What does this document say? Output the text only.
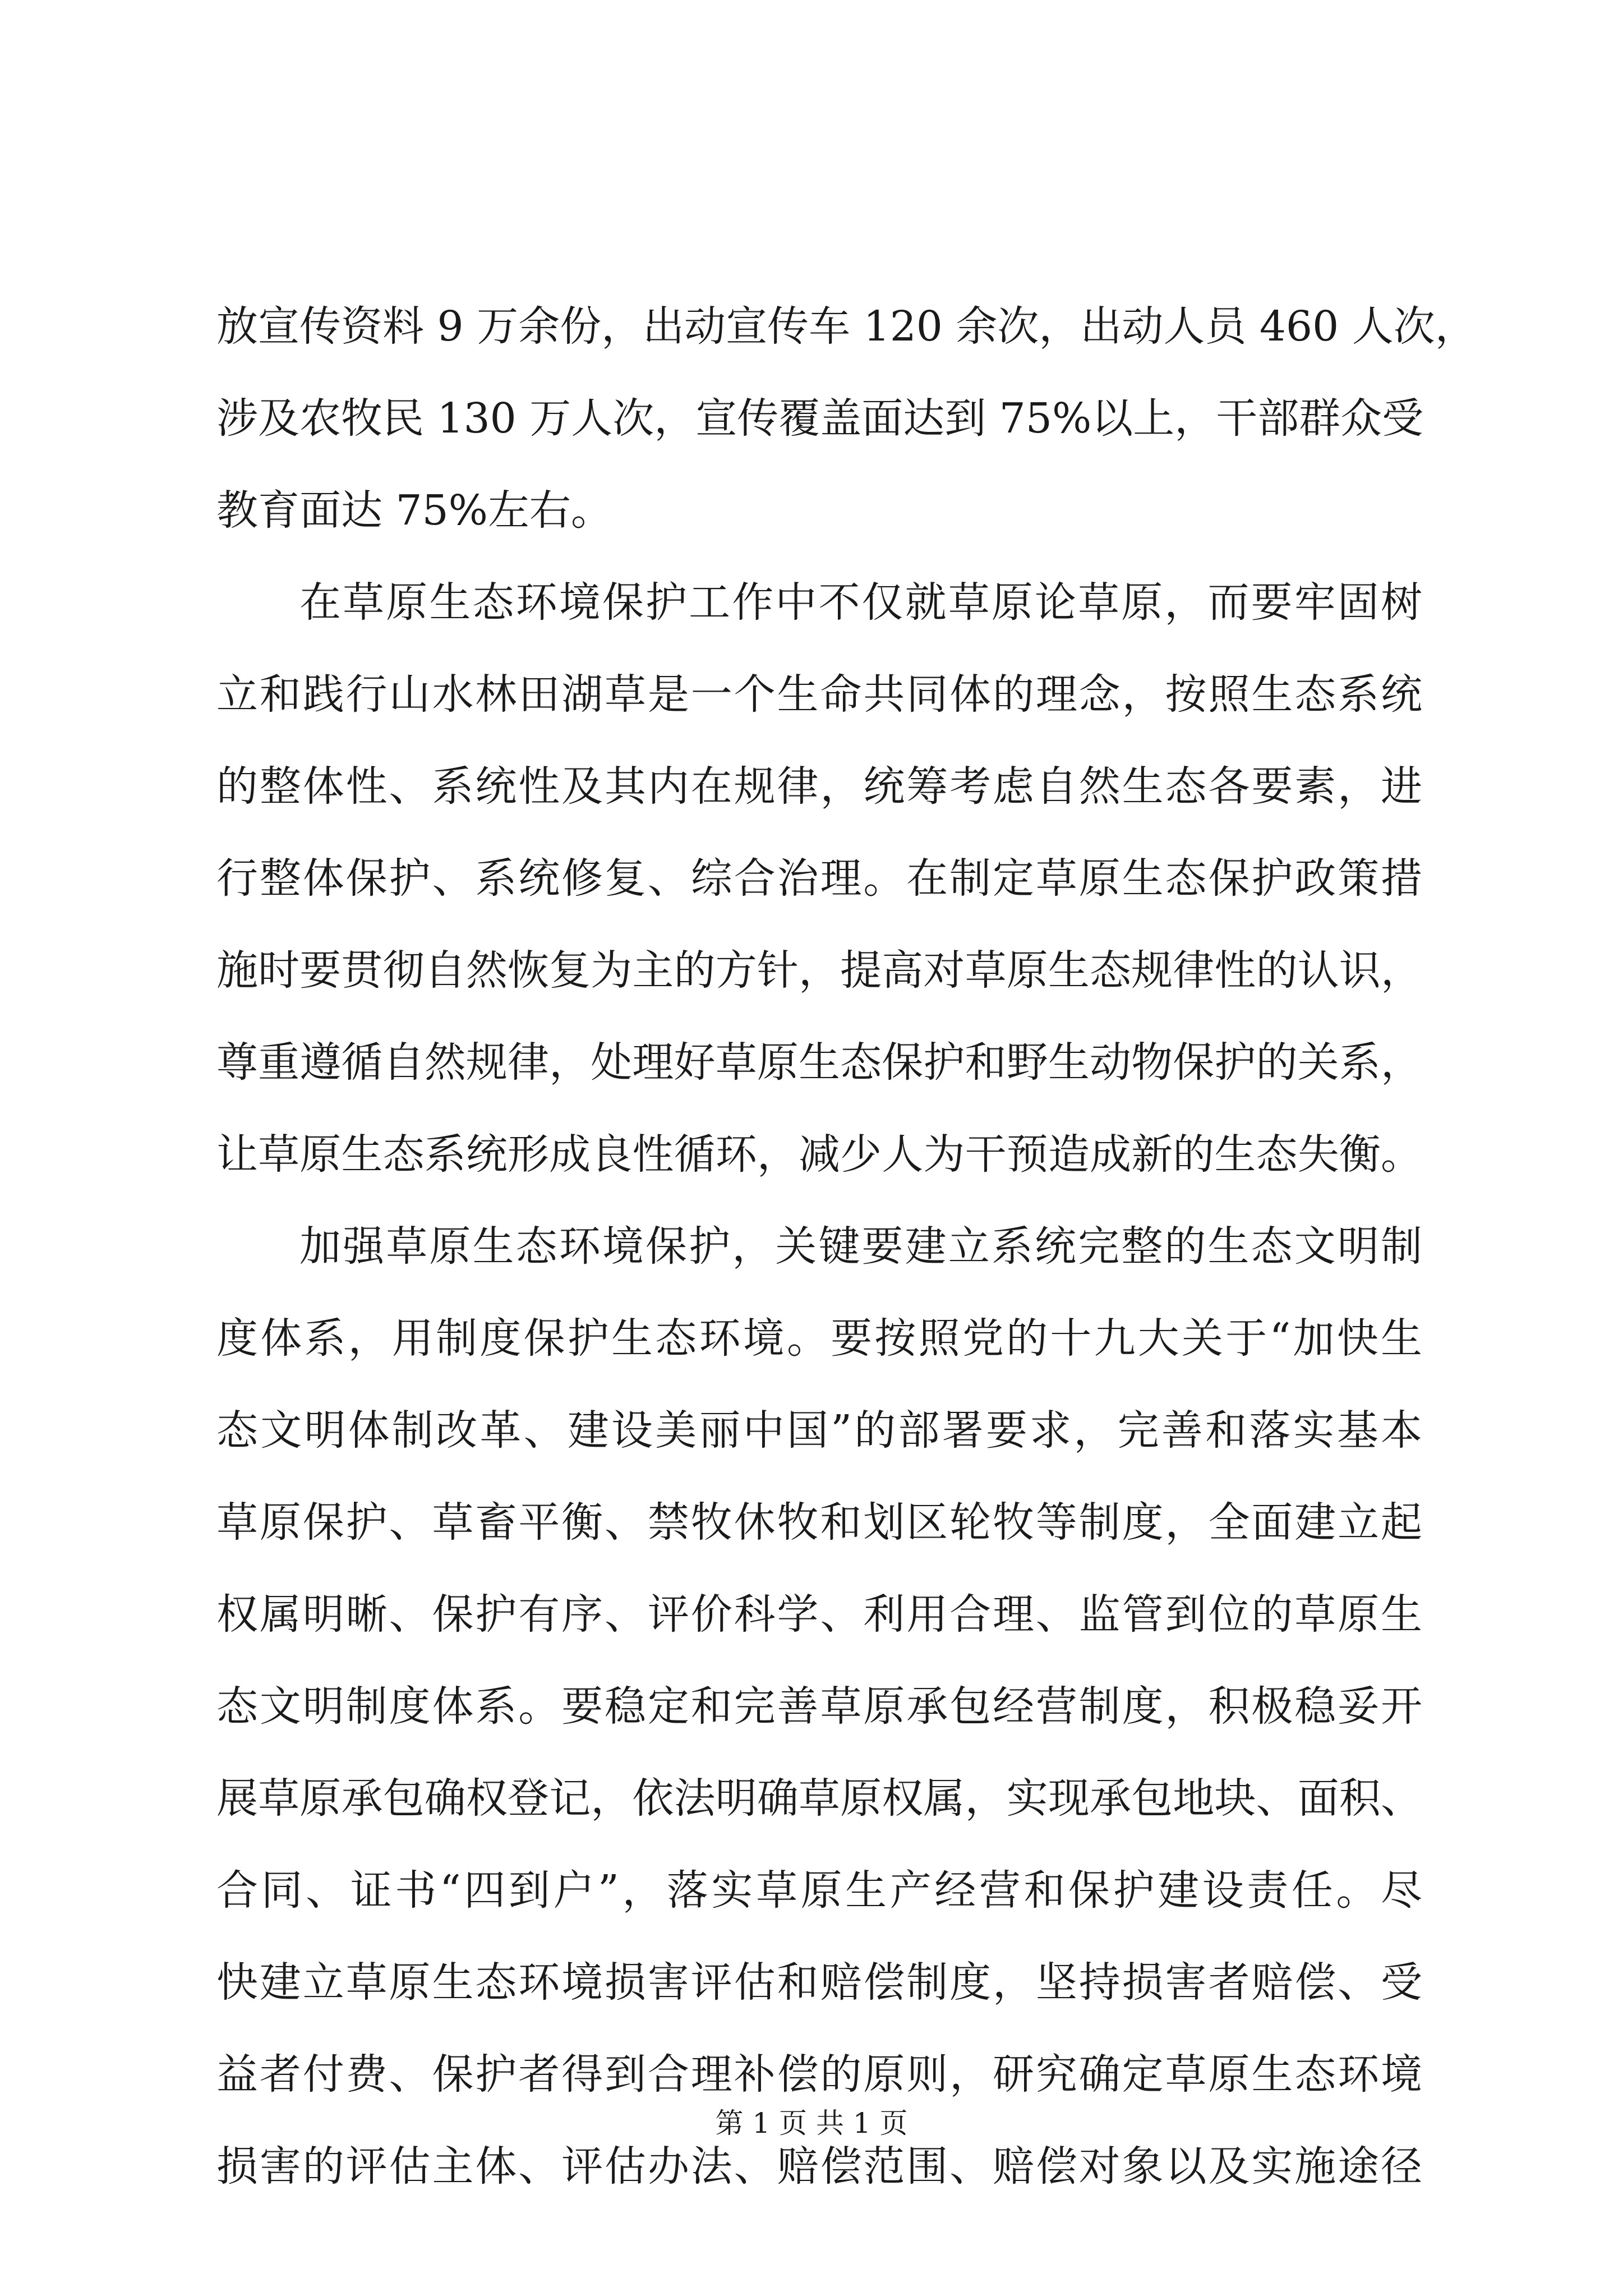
放宣传资料 9 万余份，出动宣传车 120 余次，出动人员 460 人次，
涉及农牧民 130 万人次，宣传覆盖面达到 75%以上，干部群众受
教育面达 75%左右。
在草原生态环境保护工作中不仅就草原论草原，而要牢固树
立和践行山水林田湖草是一个生命共同体的理念，按照生态系统
的整体性、系统性及其内在规律，统筹考虑自然生态各要素，进
行整体保护、系统修复、综合治理。在制定草原生态保护政策措
施时要贯彻自然恢复为主的方针，提高对草原生态规律性的认识，
尊重遵循自然规律，处理好草原生态保护和野生动物保护的关系，
让草原生态系统形成良性循环，减少人为干预造成新的生态失衡。
加强草原生态环境保护，关键要建立系统完整的生态文明制
度体系，用制度保护生态环境。要按照党的十九大关于“加快生
态文明体制改革、建设美丽中国”的部署要求，完善和落实基本
草原保护、草畜平衡、禁牧休牧和划区轮牧等制度，全面建立起
权属明晰、保护有序、评价科学、利用合理、监管到位的草原生
态文明制度体系。要稳定和完善草原承包经营制度，积极稳妥开
展草原承包确权登记，依法明确草原权属，实现承包地块、面积、
合同、证书“四到户”，落实草原生产经营和保护建设责任。尽
快建立草原生态环境损害评估和赔偿制度，坚持损害者赔偿、受
益者付费、保护者得到合理补偿的原则，研究确定草原生态环境
损害的评估主体、评估办法、赔偿范围、赔偿对象以及实施途径
第 1 页 共 1 页
